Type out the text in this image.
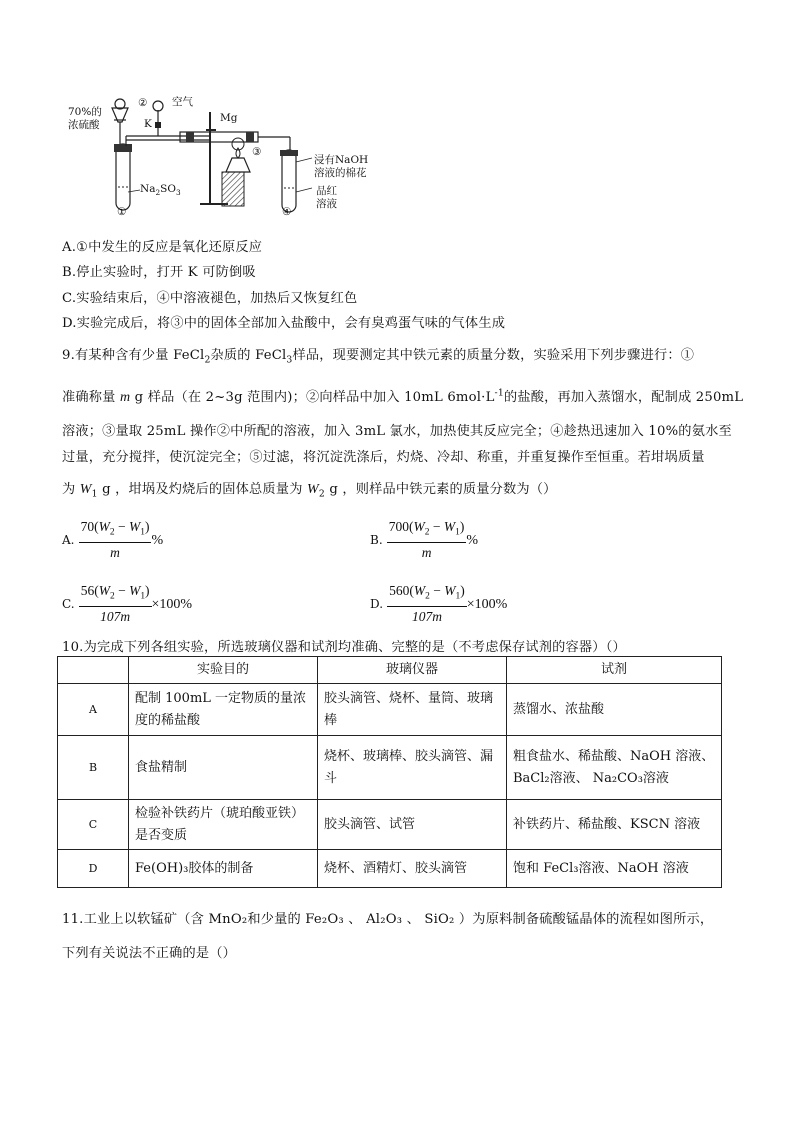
70%的
浓硫酸
②
K
空气
Mg
③
浸有NaOH
溶液的棉花
品红
溶液
$Na_2SO_3$
①	④
A.①中发生的反应是氧化还原反应
B.停止实验时，打开 K 可防倒吸
C.实验结束后，④中溶液褪色，加热后又恢复红色
D.实验完成后，将③中的固体全部加入盐酸中，会有臭鸡蛋气味的气体生成
9.有某种含有少量 FeCl$_2$杂质的 FeCl$_3$样品，现要测定其中铁元素的质量分数，实验采用下列步骤进行：①
准确称量 m g 样品（在 2~3g 范围内)；②向样品中加入 10mL $6mol\cdot L^{-1}$的盐酸，再加入蒸馏水，配制成 250mL
溶液；③量取 25mL 操作②中所配的溶液，加入 3mL 氯水，加热使其反应完全；④趁热迅速加入 10%的氨水至
过量，充分搅拌，使沉淀完全；⑤过滤，将沉淀洗涤后，灼烧、冷却、称重，并重复操作至恒重。若坩埚质量
为 $W_1$ g ，坩埚及灼烧后的固体总质量为 $W_2$ g ，则样品中铁元素的质量分数为（）
A. $\frac{70(W_2 - W_1)}{m}$ %	B. $\frac{700(W_2 - W_1)}{m}$ %
C. $\frac{56(W_2 - W_1)}{107m} \times 100\%$	D. $\frac{560(W_2 - W_1)}{107m} \times 100\%$
10.为完成下列各组实验，所选玻璃仪器和试剂均准确、完整的是（不考虑保存试剂的容器）（）
	实验目的	玻璃仪器	试剂
A	配制 100mL 一定物质的量浓度的稀盐酸	胶头滴管、烧杯、量筒、玻璃棒	蒸馏水、浓盐酸
B	食盐精制	烧杯、玻璃棒、胶头滴管、漏斗	粗食盐水、稀盐酸、NaOH 溶液、 BaCl₂溶液、 Na₂CO₃溶液
C	检验补铁药片（琥珀酸亚铁）是否变质	胶头滴管、试管	补铁药片、稀盐酸、KSCN 溶液
D	Fe(OH)₃胶体的制备	烧杯、酒精灯、胶头滴管	饱和 FeCl₃溶液、NaOH 溶液
11.工业上以软锰矿（含 MnO₂和少量的 Fe₂O₃ 、 Al₂O₃ 、 SiO₂ ）为原料制备硫酸锰晶体的流程如图所示，
下列有关说法不正确的是（）
